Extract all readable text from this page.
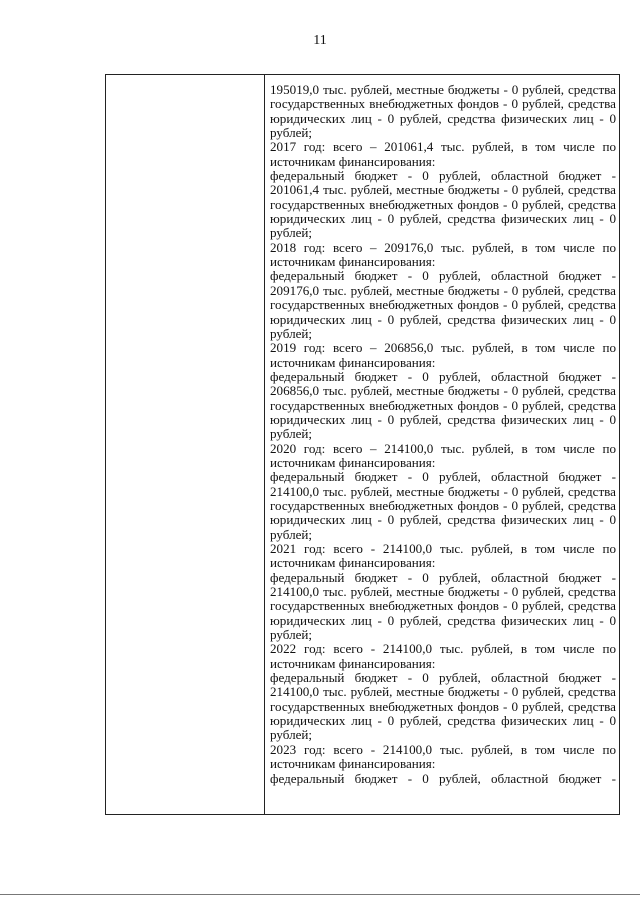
11

195019,0 тыс. рублей, местные бюджеты - 0 рублей, средства государственных внебюджетных фондов - 0 рублей, средства юридических лиц - 0 рублей, средства физических лиц - 0 рублей;

2017 год: всего – 201061,4 тыс. рублей, в том числе по источникам финансирования:

федеральный бюджет - 0 рублей, областной бюджет - 201061,4 тыс. рублей, местные бюджеты - 0 рублей, средства государственных внебюджетных фондов - 0 рублей, средства юридических лиц - 0 рублей, средства физических лиц - 0 рублей;

2018 год: всего – 209176,0 тыс. рублей, в том числе по источникам финансирования:

федеральный бюджет - 0 рублей, областной бюджет - 209176,0 тыс. рублей, местные бюджеты - 0 рублей, средства государственных внебюджетных фондов - 0 рублей, средства юридических лиц - 0 рублей, средства физических лиц - 0 рублей;

2019 год: всего – 206856,0 тыс. рублей, в том числе по источникам финансирования:

федеральный бюджет - 0 рублей, областной бюджет - 206856,0 тыс. рублей, местные бюджеты - 0 рублей, средства государственных внебюджетных фондов - 0 рублей, средства юридических лиц - 0 рублей, средства физических лиц - 0 рублей;

2020 год: всего – 214100,0 тыс. рублей, в том числе по источникам финансирования:

федеральный бюджет - 0 рублей, областной бюджет - 214100,0 тыс. рублей, местные бюджеты - 0 рублей, средства государственных внебюджетных фондов - 0 рублей, средства юридических лиц - 0 рублей, средства физических лиц - 0 рублей;

2021 год: всего - 214100,0 тыс. рублей, в том числе по источникам финансирования:

федеральный бюджет - 0 рублей, областной бюджет - 214100,0 тыс. рублей, местные бюджеты - 0 рублей, средства государственных внебюджетных фондов - 0 рублей, средства юридических лиц - 0 рублей, средства физических лиц - 0 рублей;

2022 год: всего - 214100,0 тыс. рублей, в том числе по источникам финансирования:

федеральный бюджет - 0 рублей, областной бюджет - 214100,0 тыс. рублей, местные бюджеты - 0 рублей, средства государственных внебюджетных фондов - 0 рублей, средства юридических лиц - 0 рублей, средства физических лиц - 0 рублей;

2023 год: всего - 214100,0 тыс. рублей, в том числе по источникам финансирования:

федеральный бюджет - 0 рублей, областной бюджет -
